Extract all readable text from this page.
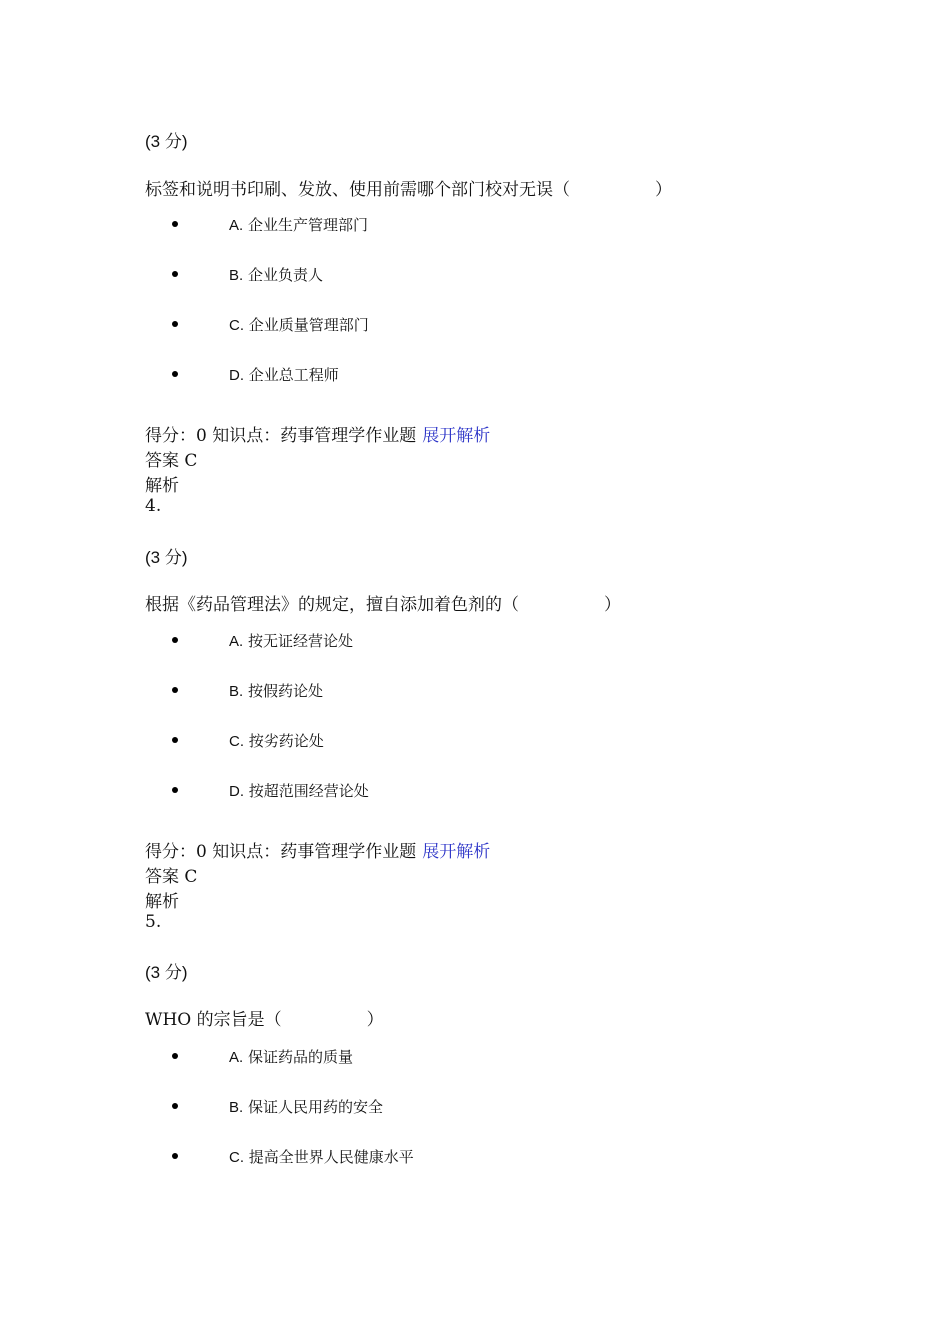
(3 分)
标签和说明书印刷、发放、使用前需哪个部门校对无误（　　　　　）
A. 企业生产管理部门
B. 企业负责人
C. 企业质量管理部门
D. 企业总工程师
得分：0 知识点：药事管理学作业题 展开解析
答案 C
解析
4.
(3 分)
根据《药品管理法》的规定，擅自添加着色剂的（　　　　　）
A. 按无证经营论处
B. 按假药论处
C. 按劣药论处
D. 按超范围经营论处
得分：0 知识点：药事管理学作业题 展开解析
答案 C
解析
5.
(3 分)
WHO 的宗旨是（　　　　　）
A. 保证药品的质量
B. 保证人民用药的安全
C. 提高全世界人民健康水平
